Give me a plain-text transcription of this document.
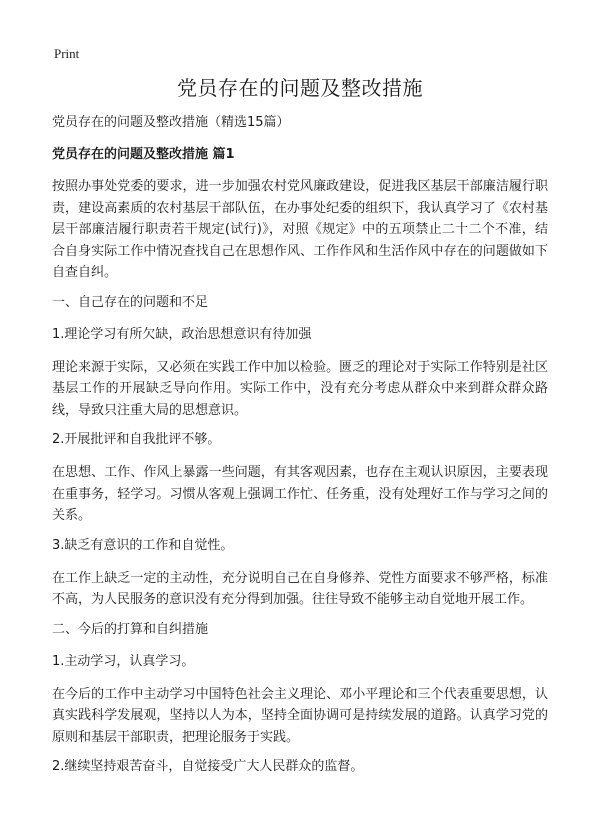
Print
党员存在的问题及整改措施

党员存在的问题及整改措施（精选15篇）

党员存在的问题及整改措施 篇1

按照办事处党委的要求，进一步加强农村党风廉政建设，促进我区基层干部廉洁履行职责，建设高素质的农村基层干部队伍，在办事处纪委的组织下，我认真学习了《农村基层干部廉洁履行职责若干规定(试行)》，对照《规定》中的五项禁止二十二个不准，结合自身实际工作中情况查找自己在思想作风、工作作风和生活作风中存在的问题做如下自查自纠。

一、自己存在的问题和不足

1.理论学习有所欠缺，政治思想意识有待加强

理论来源于实际，又必须在实践工作中加以检验。匮乏的理论对于实际工作特别是社区基层工作的开展缺乏导向作用。实际工作中，没有充分考虑从群众中来到群众群众路线，导致只注重大局的思想意识。

2.开展批评和自我批评不够。

在思想、工作、作风上暴露一些问题，有其客观因素，也存在主观认识原因，主要表现在重事务，轻学习。习惯从客观上强调工作忙、任务重，没有处理好工作与学习之间的关系。

3.缺乏有意识的工作和自觉性。

在工作上缺乏一定的主动性，充分说明自己在自身修养、党性方面要求不够严格，标准不高，为人民服务的意识没有充分得到加强。往往导致不能够主动自觉地开展工作。

二、今后的打算和自纠措施

1.主动学习，认真学习。

在今后的工作中主动学习中国特色社会主义理论、邓小平理论和三个代表重要思想，认真实践科学发展观，坚持以人为本，坚持全面协调可是持续发展的道路。认真学习党的原则和基层干部职责，把理论服务于实践。

2.继续坚持艰苦奋斗，自觉接受广大人民群众的监督。
